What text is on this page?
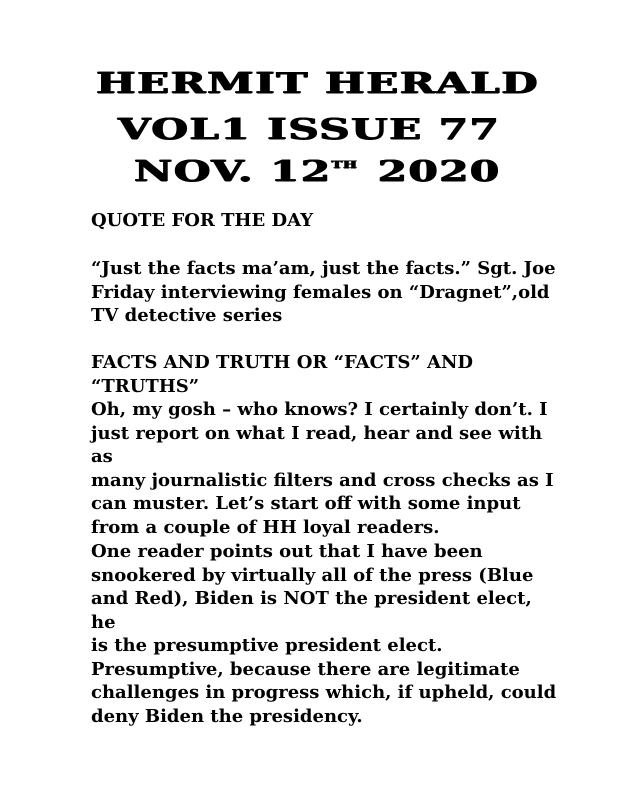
HERMIT HERALD
VOL1 ISSUE 77
NOV. 12TH 2020
QUOTE FOR THE DAY
“Just the facts ma’am, just the facts.” Sgt. Joe
Friday interviewing females on “Dragnet”,old
TV detective series
FACTS AND TRUTH OR “FACTS” AND “TRUTHS”
Oh, my gosh – who knows? I certainly don’t. I
just report on what I read, hear and see with as
many journalistic filters and cross checks as I
can muster. Let’s start off with some input
from a couple of HH loyal readers.
One reader points out that I have been
snookered by virtually all of the press (Blue
and Red), Biden is NOT the president elect, he
is the presumptive president elect.
Presumptive, because there are legitimate
challenges in progress which, if upheld, could
deny Biden the presidency.
